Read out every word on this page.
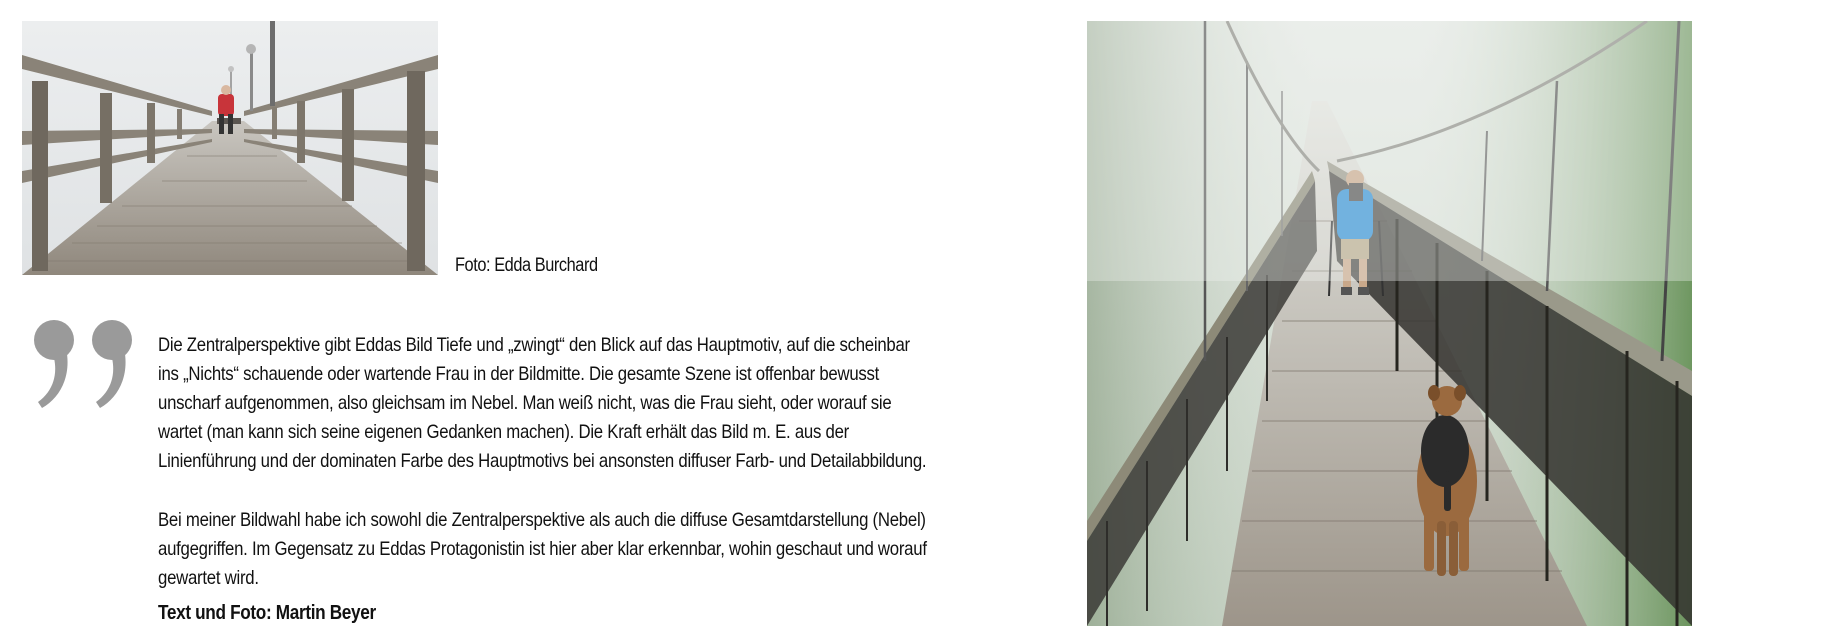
Foto: Edda Burchard

Die Zentralperspektive gibt Eddas Bild Tiefe und „zwingt“ den Blick auf das Hauptmotiv, auf die scheinbar ins „Nichts“ schauende oder wartende Frau in der Bildmitte. Die gesamte Szene ist offenbar bewusst unscharf aufgenommen, also gleichsam im Nebel. Man weiß nicht, was die Frau sieht, oder worauf sie wartet (man kann sich seine eigenen Gedanken machen). Die Kraft erhält das Bild m. E. aus der Linienführung und der dominaten Farbe des Hauptmotivs bei ansonsten diffuser Farb- und Detailabbildung.

Bei meiner Bildwahl habe ich sowohl die Zentralperspektive als auch die diffuse Gesamtdarstellung (Nebel) aufgegriffen. Im Gegensatz zu Eddas Protagonistin ist hier aber klar erkennbar, wohin geschaut und worauf gewartet wird.

Text und Foto: Martin Beyer
